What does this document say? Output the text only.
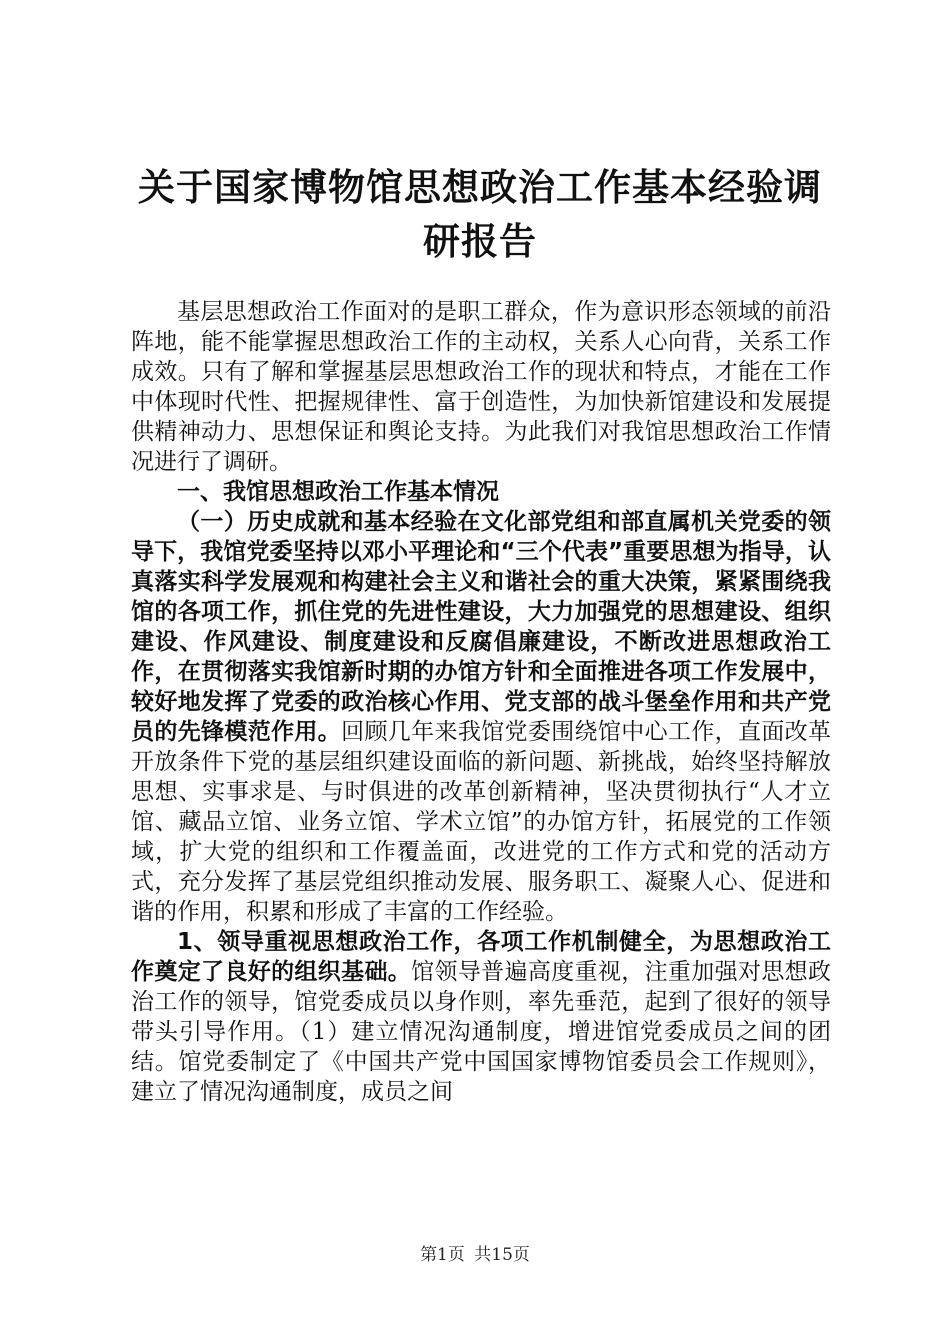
关于国家博物馆思想政治工作基本经验调研报告

基层思想政治工作面对的是职工群众，作为意识形态领域的前沿阵地，能不能掌握思想政治工作的主动权，关系人心向背，关系工作成效。只有了解和掌握基层思想政治工作的现状和特点，才能在工作中体现时代性、把握规律性、富于创造性，为加快新馆建设和发展提供精神动力、思想保证和舆论支持。为此我们对我馆思想政治工作情况进行了调研。

一、我馆思想政治工作基本情况

（一）历史成就和基本经验在文化部党组和部直属机关党委的领导下，我馆党委坚持以邓小平理论和“三个代表”重要思想为指导，认真落实科学发展观和构建社会主义和谐社会的重大决策，紧紧围绕我馆的各项工作，抓住党的先进性建设，大力加强党的思想建设、组织建设、作风建设、制度建设和反腐倡廉建设，不断改进思想政治工作，在贯彻落实我馆新时期的办馆方针和全面推进各项工作发展中，较好地发挥了党委的政治核心作用、党支部的战斗堡垒作用和共产党员的先锋模范作用。回顾几年来我馆党委围绕馆中心工作，直面改革开放条件下党的基层组织建设面临的新问题、新挑战，始终坚持解放思想、实事求是、与时俱进的改革创新精神，坚决贯彻执行“人才立馆、藏品立馆、业务立馆、学术立馆”的办馆方针，拓展党的工作领域，扩大党的组织和工作覆盖面，改进党的工作方式和党的活动方式，充分发挥了基层党组织推动发展、服务职工、凝聚人心、促进和谐的作用，积累和形成了丰富的工作经验。

1、领导重视思想政治工作，各项工作机制健全，为思想政治工作奠定了良好的组织基础。馆领导普遍高度重视，注重加强对思想政治工作的领导，馆党委成员以身作则，率先垂范，起到了很好的领导带头引导作用。（1）建立情况沟通制度，增进馆党委成员之间的团结。馆党委制定了《中国共产党中国国家博物馆委员会工作规则》，建立了情况沟通制度，成员之间

第1页 共15页
